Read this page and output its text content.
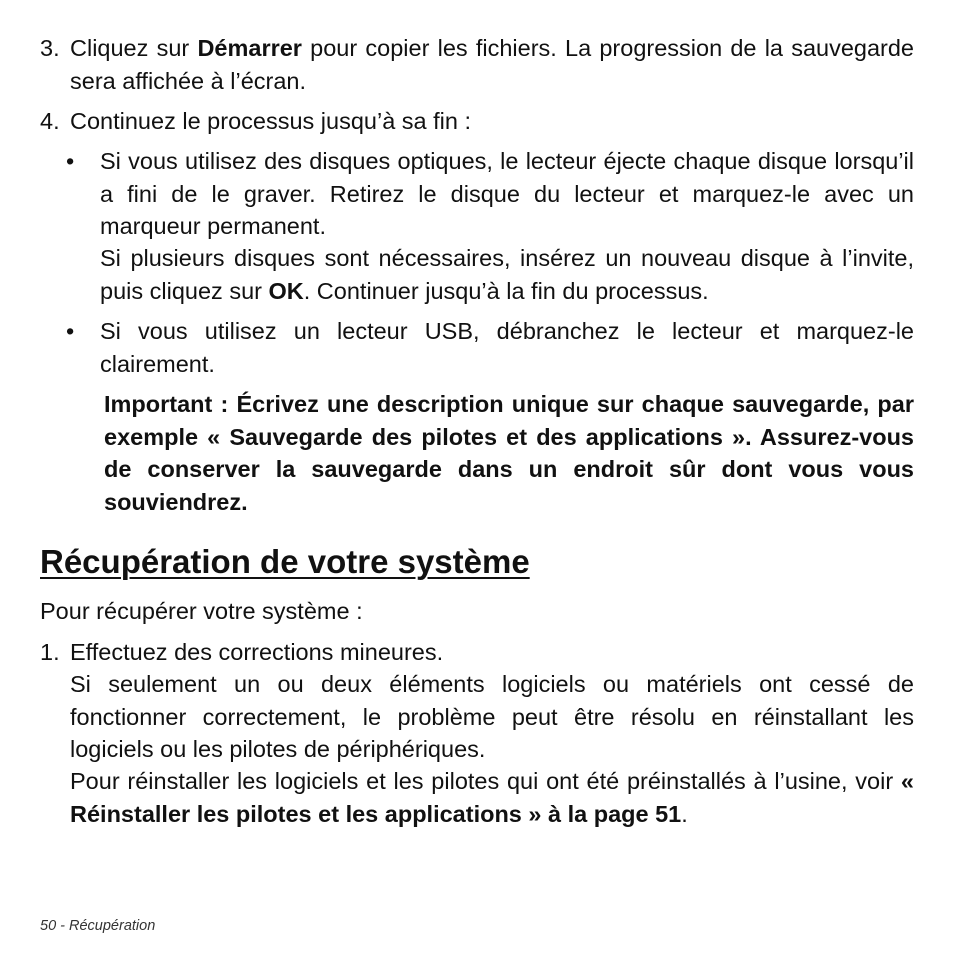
3. Cliquez sur Démarrer pour copier les fichiers. La progression de la sauvegarde sera affichée à l’écran.

4. Continuez le processus jusqu’à sa fin :

• Si vous utilisez des disques optiques, le lecteur éjecte chaque disque lorsqu’il a fini de le graver. Retirez le disque du lecteur et marquez-le avec un marqueur permanent.

Si plusieurs disques sont nécessaires, insérez un nouveau disque à l’invite, puis cliquez sur OK. Continuer jusqu’à la fin du processus.

• Si vous utilisez un lecteur USB, débranchez le lecteur et marquez-le clairement.

Important : Écrivez une description unique sur chaque sauvegarde, par exemple « Sauvegarde des pilotes et des applications ». Assurez-vous de conserver la sauvegarde dans un endroit sûr dont vous vous souviendrez.

Récupération de votre système

Pour récupérer votre système :

1. Effectuez des corrections mineures.

Si seulement un ou deux éléments logiciels ou matériels ont cessé de fonctionner correctement, le problème peut être résolu en réinstallant les logiciels ou les pilotes de périphériques.

Pour réinstaller les logiciels et les pilotes qui ont été préinstallés à l’usine, voir « Réinstaller les pilotes et les applications » à la page 51.

50 - Récupération
